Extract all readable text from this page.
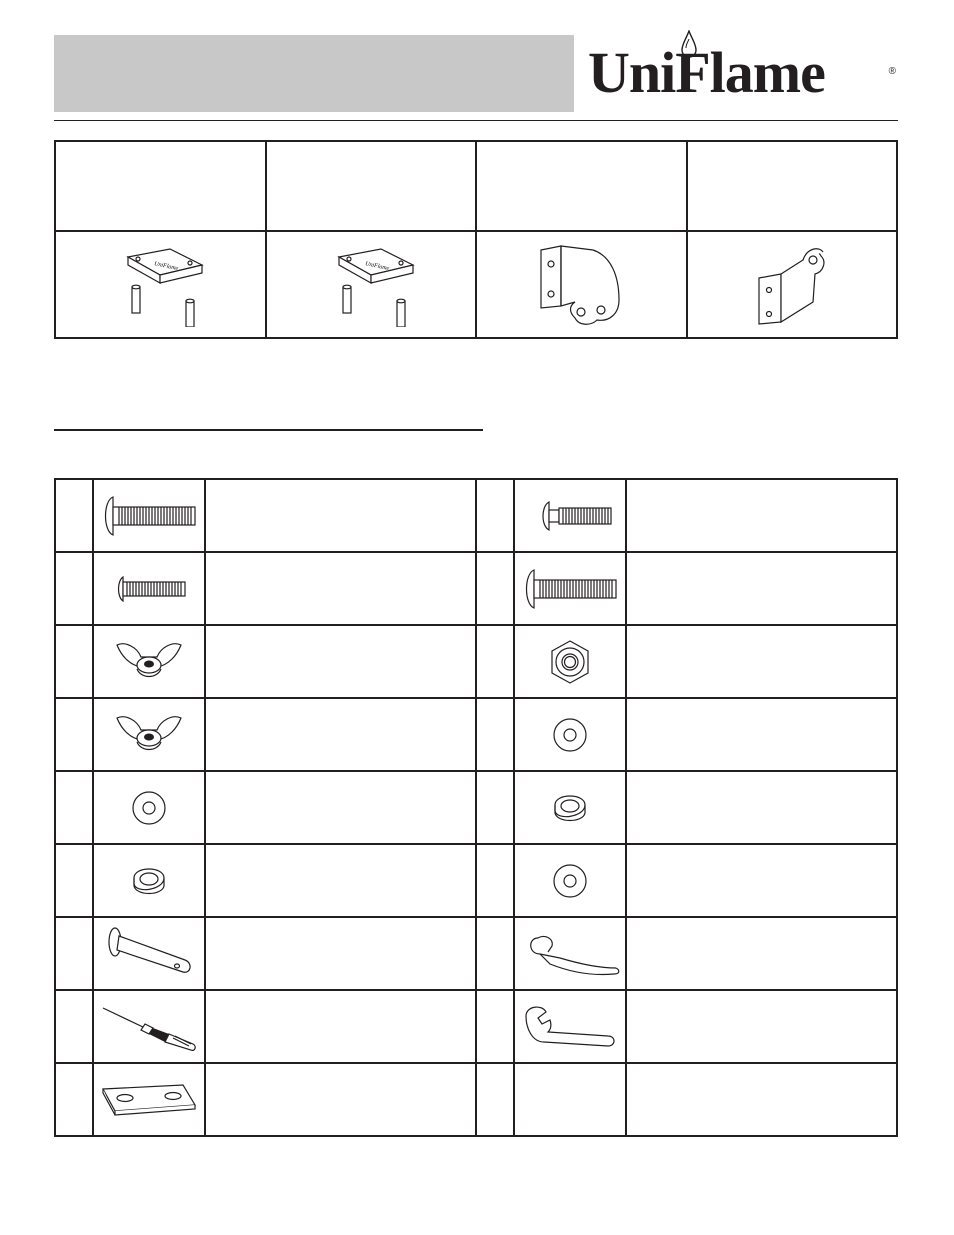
UniFlame	®

UniFlame	UniFlame
